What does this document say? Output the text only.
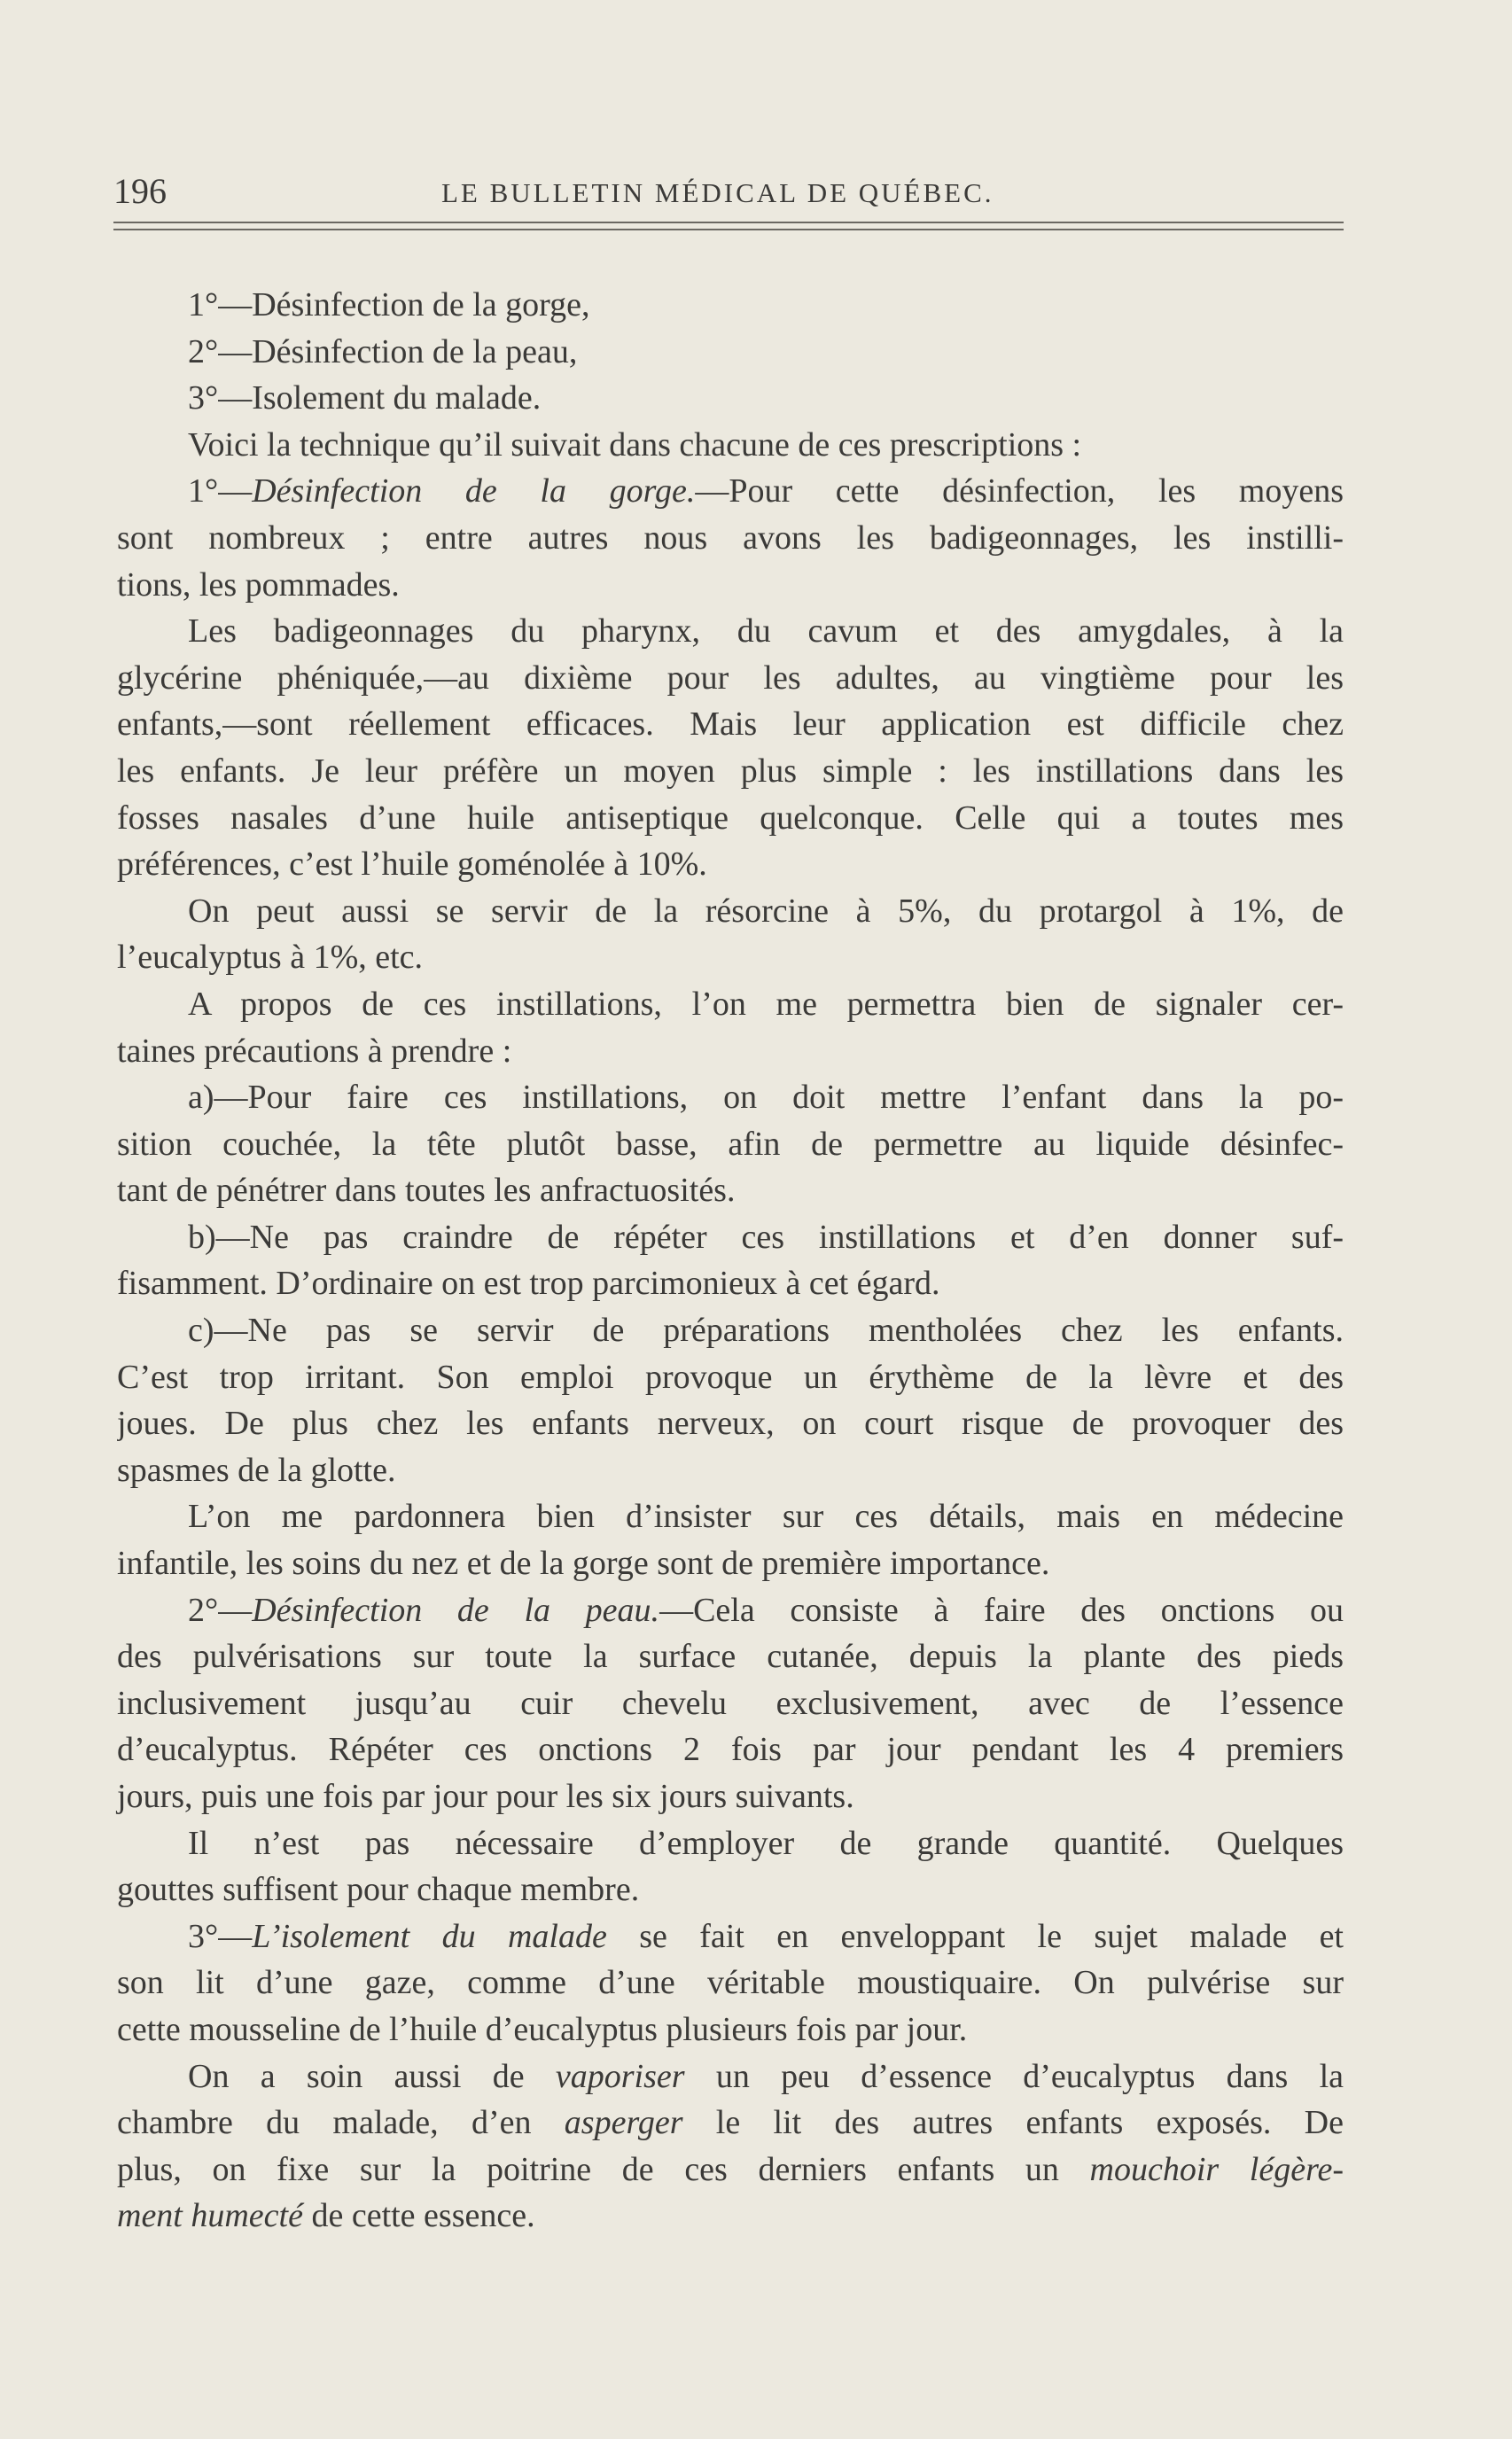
196	LE BULLETIN MÉDICAL DE QUÉBEC.
1°—Désinfection de la gorge,
2°—Désinfection de la peau,
3°—Isolement du malade.
Voici la technique qu’il suivait dans chacune de ces prescriptions :
1°—Désinfection de la gorge.—Pour cette désinfection, les moyens
sont nombreux ; entre autres nous avons les badigeonnages, les instilli-
tions, les pommades.
Les badigeonnages du pharynx, du cavum et des amygdales, à la
glycérine phéniquée,—au dixième pour les adultes, au vingtième pour les
enfants,—sont réellement efficaces. Mais leur application est difficile chez
les enfants. Je leur préfère un moyen plus simple : les instillations dans les
fosses nasales d’une huile antiseptique quelconque. Celle qui a toutes mes
préférences, c’est l’huile goménolée à 10%.
On peut aussi se servir de la résorcine à 5%, du protargol à 1%, de
l’eucalyptus à 1%, etc.
A propos de ces instillations, l’on me permettra bien de signaler cer-
taines précautions à prendre :
a)—Pour faire ces instillations, on doit mettre l’enfant dans la po-
sition couchée, la tête plutôt basse, afin de permettre au liquide désinfec-
tant de pénétrer dans toutes les anfractuosités.
b)—Ne pas craindre de répéter ces instillations et d’en donner suf-
fisamment. D’ordinaire on est trop parcimonieux à cet égard.
c)—Ne pas se servir de préparations mentholées chez les enfants.
C’est trop irritant. Son emploi provoque un érythème de la lèvre et des
joues. De plus chez les enfants nerveux, on court risque de provoquer des
spasmes de la glotte.
L’on me pardonnera bien d’insister sur ces détails, mais en médecine
infantile, les soins du nez et de la gorge sont de première importance.
2°—Désinfection de la peau.—Cela consiste à faire des onctions ou
des pulvérisations sur toute la surface cutanée, depuis la plante des pieds
inclusivement jusqu’au cuir chevelu exclusivement, avec de l’essence
d’eucalyptus. Répéter ces onctions 2 fois par jour pendant les 4 premiers
jours, puis une fois par jour pour les six jours suivants.
Il n’est pas nécessaire d’employer de grande quantité. Quelques
gouttes suffisent pour chaque membre.
3°—L’isolement du malade se fait en enveloppant le sujet malade et
son lit d’une gaze, comme d’une véritable moustiquaire. On pulvérise sur
cette mousseline de l’huile d’eucalyptus plusieurs fois par jour.
On a soin aussi de vaporiser un peu d’essence d’eucalyptus dans la
chambre du malade, d’en asperger le lit des autres enfants exposés. De
plus, on fixe sur la poitrine de ces derniers enfants un mouchoir légère-
ment humecté de cette essence.
